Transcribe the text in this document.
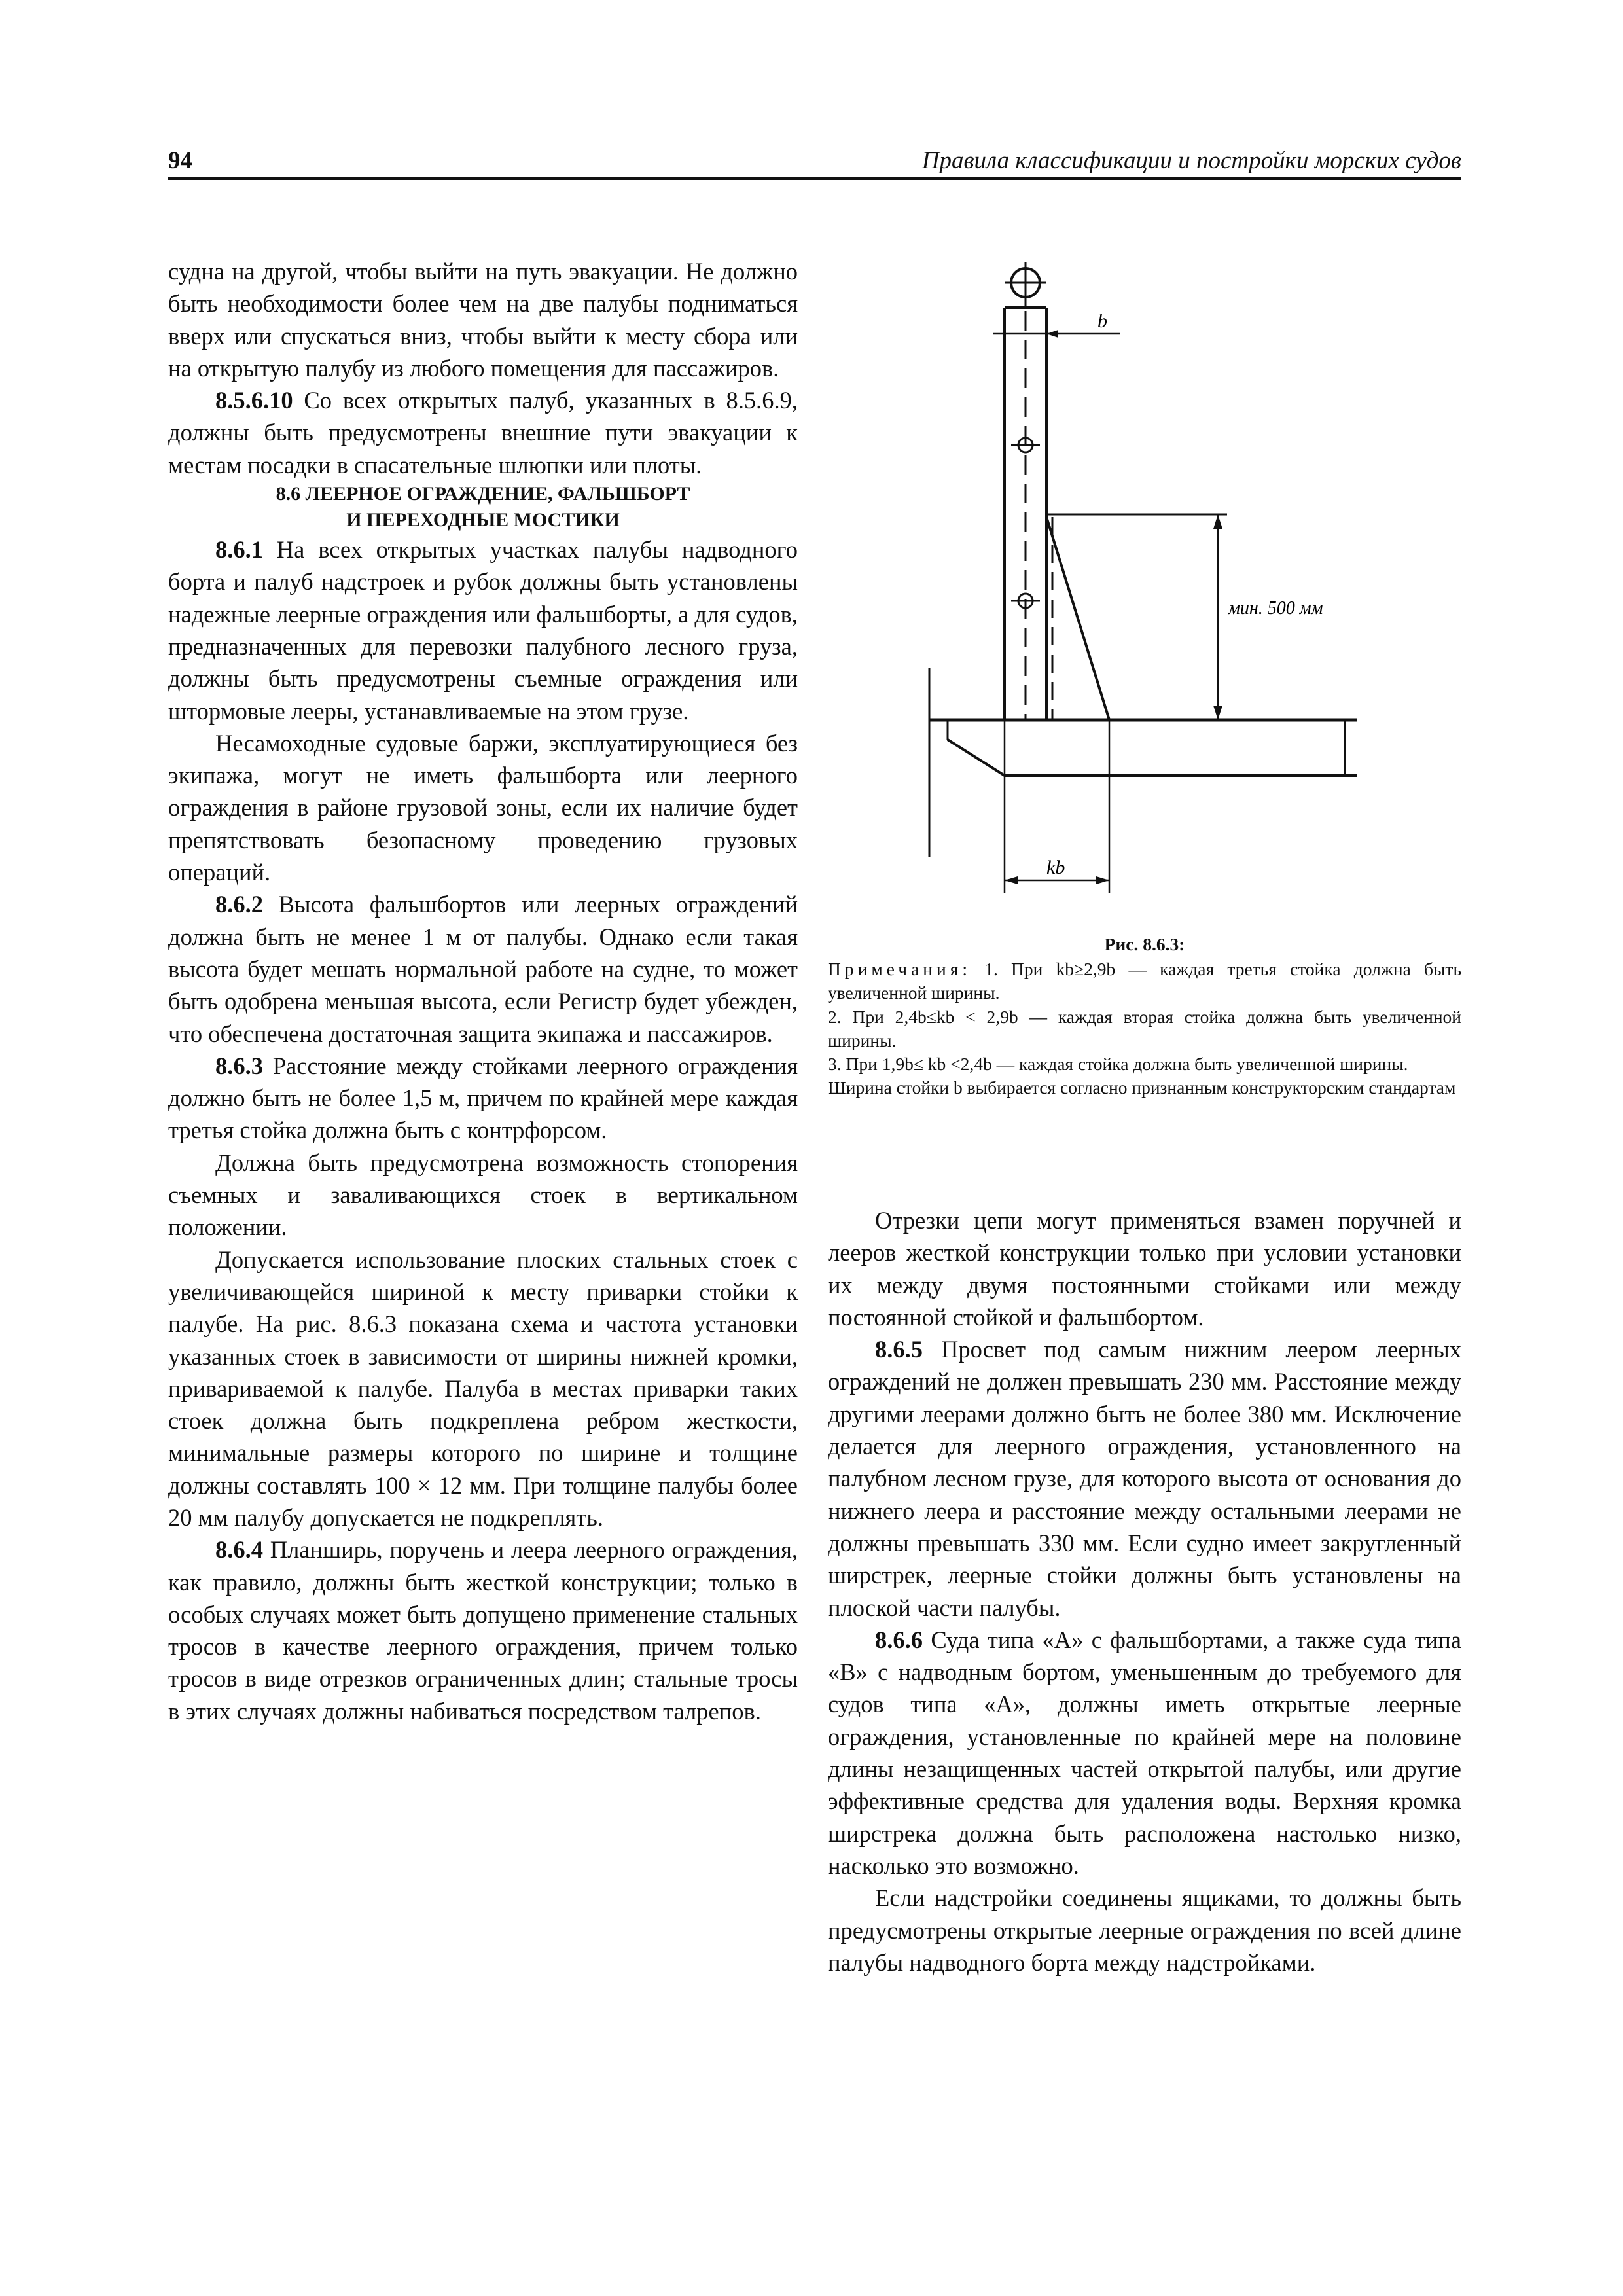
94	Правила классификации и постройки морских судов

судна на другой, чтобы выйти на путь эвакуации. Не должно быть необходимости более чем на две палубы подниматься вверх или спускаться вниз, чтобы выйти к месту сбора или на открытую палубу из любого помещения для пассажиров.

8.5.6.10 Со всех открытых палуб, указанных в 8.5.6.9, должны быть предусмотрены внешние пути эвакуации к местам посадки в спасательные шлюпки или плоты.

8.6 ЛЕЕРНОЕ ОГРАЖДЕНИЕ, ФАЛЬШБОРТ
И ПЕРЕХОДНЫЕ МОСТИКИ

8.6.1 На всех открытых участках палубы надводного борта и палуб надстроек и рубок должны быть установлены надежные леерные ограждения или фальшборты, а для судов, предназначенных для перевозки палубного лесного груза, должны быть предусмотрены съемные ограждения или штормовые лееры, устанавливаемые на этом грузе.

Несамоходные судовые баржи, эксплуатирующиеся без экипажа, могут не иметь фальшборта или леерного ограждения в районе грузовой зоны, если их наличие будет препятствовать безопасному проведению грузовых операций.

8.6.2 Высота фальшбортов или леерных ограждений должна быть не менее 1 м от палубы. Однако если такая высота будет мешать нормальной работе на судне, то может быть одобрена меньшая высота, если Регистр будет убежден, что обеспечена достаточная защита экипажа и пассажиров.

8.6.3 Расстояние между стойками леерного ограждения должно быть не более 1,5 м, причем по крайней мере каждая третья стойка должна быть с контрфорсом.

Должна быть предусмотрена возможность стопорения съемных и заваливающихся стоек в вертикальном положении.

Допускается использование плоских стальных стоек с увеличивающейся шириной к месту приварки стойки к палубе. На рис. 8.6.3 показана схема и частота установки указанных стоек в зависимости от ширины нижней кромки, привариваемой к палубе. Палуба в местах приварки таких стоек должна быть подкреплена ребром жесткости, минимальные размеры которого по ширине и толщине должны составлять 100 × 12 мм. При толщине палубы более 20 мм палубу допускается не подкреплять.

8.6.4 Планширь, поручень и леера леерного ограждения, как правило, должны быть жесткой конструкции; только в особых случаях может быть допущено применение стальных тросов в качестве леерного ограждения, причем только тросов в виде отрезков ограниченных длин; стальные тросы в этих случаях должны набиваться посредством талрепов.

b
мин. 500 мм
kb
Рис. 8.6.3:

Примечания: 1. При kb≥2,9b — каждая третья стойка должна быть увеличенной ширины.

2. При 2,4b≤kb < 2,9b — каждая вторая стойка должна быть увеличенной ширины.

3. При 1,9b≤ kb <2,4b — каждая стойка должна быть увеличенной ширины.

Ширина стойки b выбирается согласно признанным конструкторским стандартам

Отрезки цепи могут применяться взамен поручней и лееров жесткой конструкции только при условии установки их между двумя постоянными стойками или между постоянной стойкой и фальшбортом.

8.6.5 Просвет под самым нижним леером леерных ограждений не должен превышать 230 мм. Расстояние между другими леерами должно быть не более 380 мм. Исключение делается для леерного ограждения, установленного на палубном лесном грузе, для которого высота от основания до нижнего леера и расстояние между остальными леерами не должны превышать 330 мм. Если судно имеет закругленный ширстрек, леерные стойки должны быть установлены на плоской части палубы.

8.6.6 Суда типа «А» с фальшбортами, а также суда типа «В» с надводным бортом, уменьшенным до требуемого для судов типа «А», должны иметь открытые леерные ограждения, установленные по крайней мере на половине длины незащищенных частей открытой палубы, или другие эффективные средства для удаления воды. Верхняя кромка ширстрека должна быть расположена настолько низко, насколько это возможно.

Если надстройки соединены ящиками, то должны быть предусмотрены открытые леерные ограждения по всей длине палубы надводного борта между надстройками.
